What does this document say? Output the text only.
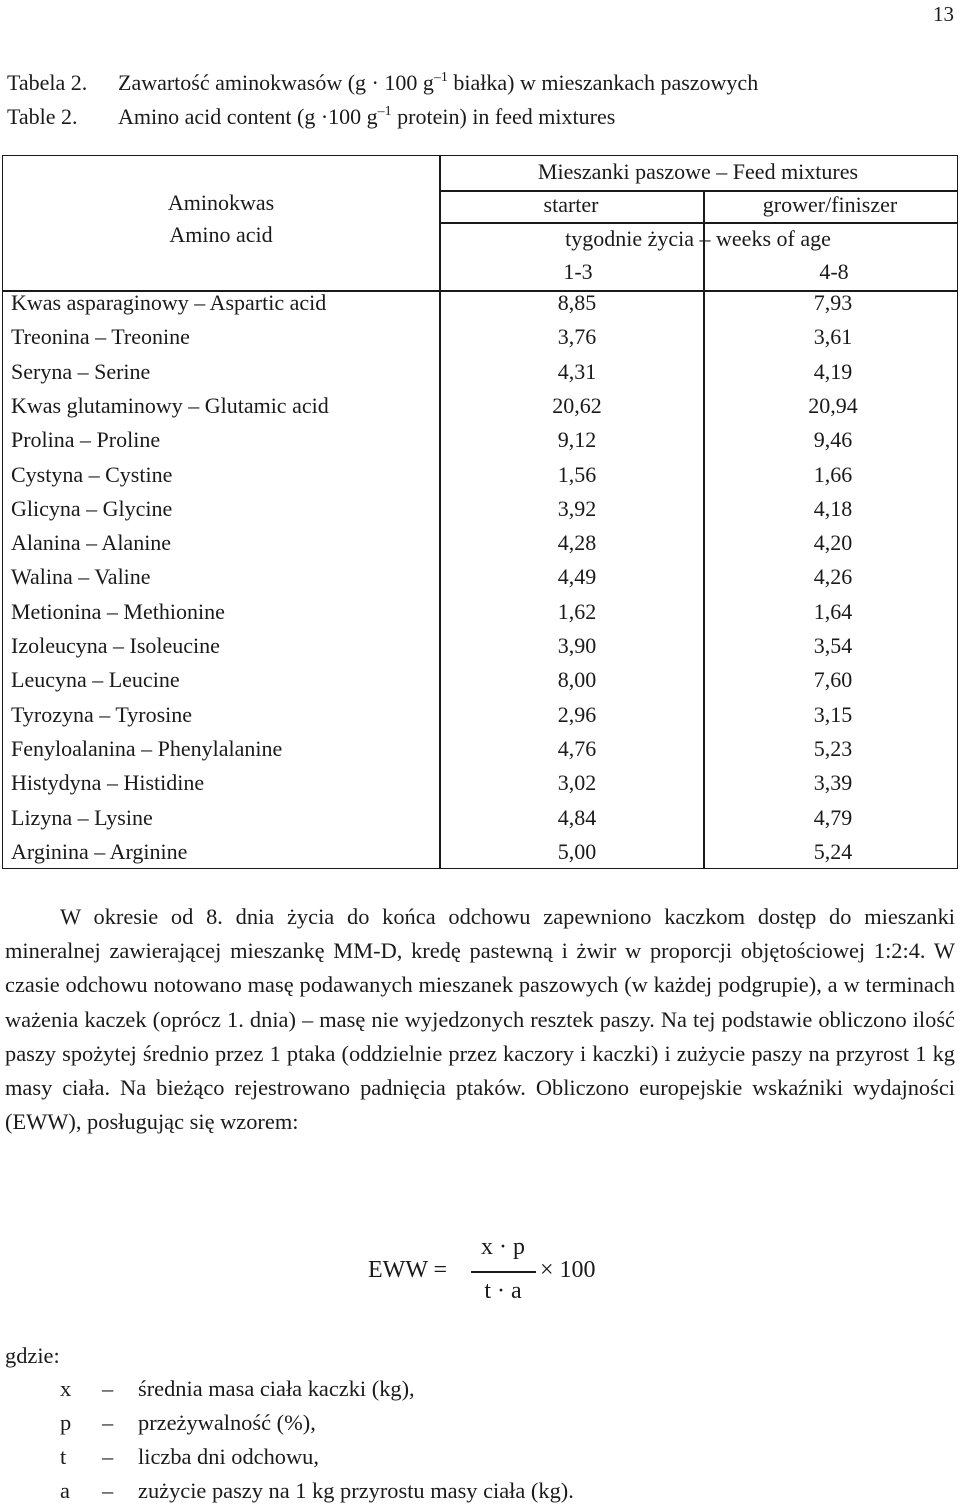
13
Tabela 2. Zawartość aminokwasów (g · 100 $g^{-1}$ białka) w mieszankach paszowych
Table 2. Amino acid content (g ·100 $g^{-1}$ protein) in feed mixtures
Aminokwas
Amino acid
Mieszanki paszowe – Feed mixtures
starter	grower/finiszer
tygodnie życia – weeks of age
1-3	4-8
Kwas asparaginowy – Aspartic acid	8,85	7,93
Treonina – Treonine	3,76	3,61
Seryna – Serine	4,31	4,19
Kwas glutaminowy – Glutamic acid	20,62	20,94
Prolina – Proline	9,12	9,46
Cystyna – Cystine	1,56	1,66
Glicyna – Glycine	3,92	4,18
Alanina – Alanine	4,28	4,20
Walina – Valine	4,49	4,26
Metionina – Methionine	1,62	1,64
Izoleucyna – Isoleucine	3,90	3,54
Leucyna – Leucine	8,00	7,60
Tyrozyna – Tyrosine	2,96	3,15
Fenyloalanina – Phenylalanine	4,76	5,23
Histydyna – Histidine	3,02	3,39
Lizyna – Lysine	4,84	4,79
Arginina – Arginine	5,00	5,24
W okresie od 8. dnia życia do końca odchowu zapewniono kaczkom dostęp do mieszanki mineralnej zawierającej mieszankę MM-D, kredę pastewną i żwir w proporcji objętościowej 1:2:4. W czasie odchowu notowano masę podawanych mieszanek paszowych (w każdej podgrupie), a w terminach ważenia kaczek (oprócz 1. dnia) – masę nie wyjedzonych resztek paszy. Na tej podstawie obliczono ilość paszy spożytej średnio przez 1 ptaka (oddzielnie przez kaczory i kaczki) i zużycie paszy na przyrost 1 kg masy ciała. Na bieżąco rejestrowano padnięcia ptaków. Obliczono europejskie wskaźniki wydajności (EWW), posługując się wzorem:
EWW =
x · p
t · a
× 100
gdzie:
x – średnia masa ciała kaczki (kg),
p – przeżywalność (%),
t – liczba dni odchowu,
a – zużycie paszy na 1 kg przyrostu masy ciała (kg).
